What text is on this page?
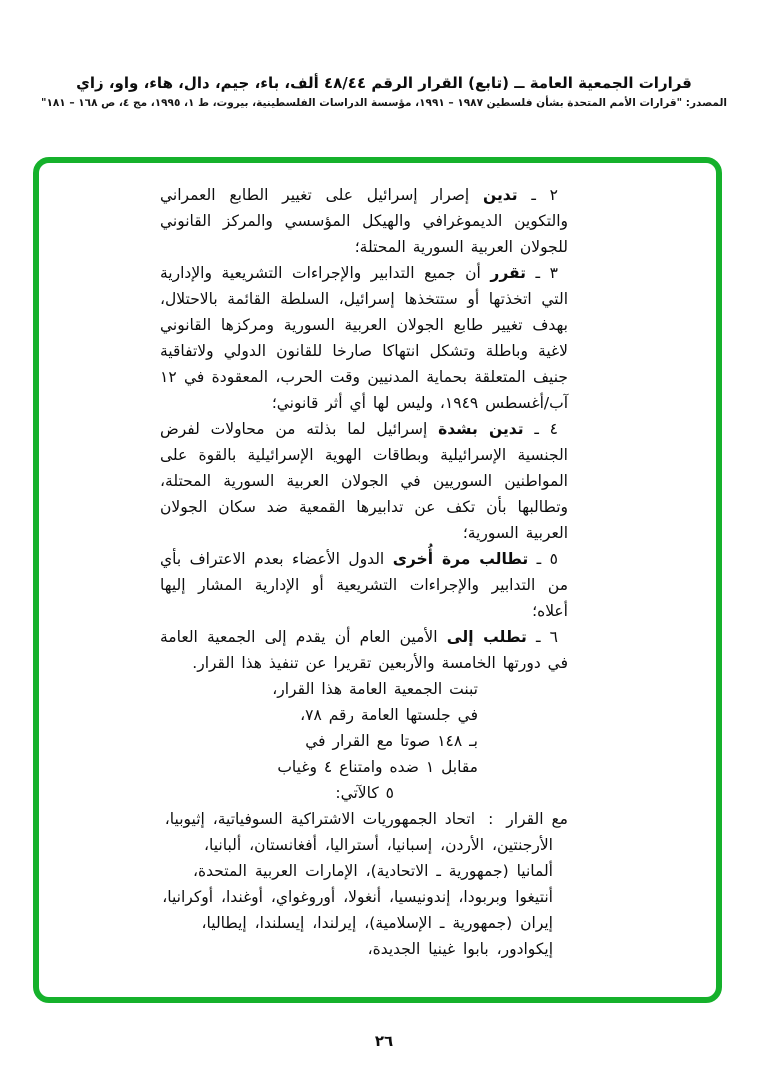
قرارات الجمعية العامة ــ (تابع) القرار الرقم ٤٨/٤٤ ألف، باء، جيم، دال، هاء، واو، زاي
المصدر: "قرارات الأمم المتحدة بشأن فلسطين ١٩٨٧ – ١٩٩١، مؤسسة الدراسات الفلسطينية، بيروت، ط ١، ١٩٩٥، مج ٤، ص ١٦٨ – ١٨١"

٢ ـ تدين إصرار إسرائيل على تغيير الطابع العمراني والتكوين الديموغرافي والهيكل المؤسسي والمركز القانوني للجولان العربية السورية المحتلة؛

٣ ـ تقرر أن جميع التدابير والإجراءات التشريعية والإدارية التي اتخذتها أو ستتخذها إسرائيل، السلطة القائمة بالاحتلال، بهدف تغيير طابع الجولان العربية السورية ومركزها القانوني لاغية وباطلة وتشكل انتهاكا صارخا للقانون الدولي ولاتفاقية جنيف المتعلقة بحماية المدنيين وقت الحرب، المعقودة في ١٢ آب/أغسطس ١٩٤٩، وليس لها أي أثر قانوني؛

٤ ـ تدين بشدة إسرائيل لما بذلته من محاولات لفرض الجنسية الإسرائيلية وبطاقات الهوية الإسرائيلية بالقوة على المواطنين السوريين في الجولان العربية السورية المحتلة، وتطالبها بأن تكف عن تدابيرها القمعية ضد سكان الجولان العربية السورية؛

٥ ـ تطالب مرة أُخرى الدول الأعضاء بعدم الاعتراف بأي من التدابير والإجراءات التشريعية أو الإدارية المشار إليها أعلاه؛

٦ ـ تطلب إلى الأمين العام أن يقدم إلى الجمعية العامة في دورتها الخامسة والأربعين تقريرا عن تنفيذ هذا القرار.

تبنت الجمعية العامة هذا القرار،
في جلستها العامة رقم ٧٨،
بـ ١٤٨ صوتا مع القرار في
مقابل ١ ضده وامتناع ٤ وغياب
٥ كالآتي:
مع القرار:اتحاد الجمهوريات الاشتراكية السوفياتية، إثيوبيا، الأرجنتين، الأردن، إسبانيا، أستراليا، أفغانستان، ألبانيا، ألمانيا (جمهورية ـ الاتحادية)، الإمارات العربية المتحدة، أنتيغوا وبربودا، إندونيسيا، أنغولا، أوروغواي، أوغندا، أوكرانيا، إيران (جمهورية ـ الإسلامية)، إيرلندا، إيسلندا، إيطاليا، إيكوادور، بابوا غينيا الجديدة،
٢٦
